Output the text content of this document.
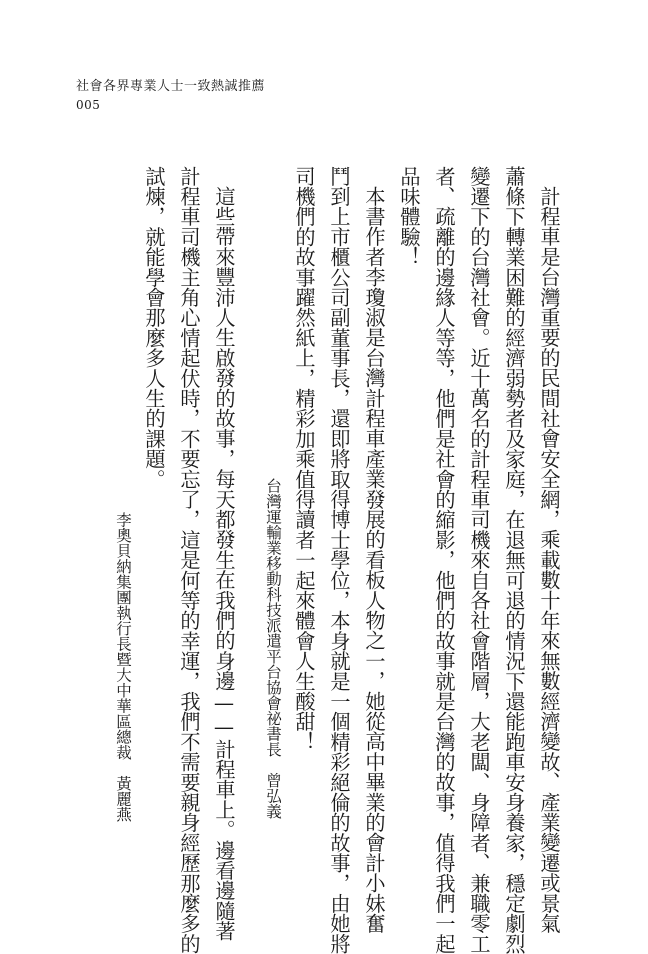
社會各界專業人士一致熱誠推薦
005
計程車是台灣重要的民間社會安全網，乘載數十年來無數經濟變故、產業變遷或景氣
蕭條下轉業困難的經濟弱勢者及家庭，在退無可退的情況下還能跑車安身養家，穩定劇烈
變遷下的台灣社會。近十萬名的計程車司機來自各社會階層，大老闆、身障者、兼職零工
者、疏離的邊緣人等等，他們是社會的縮影，他們的故事就是台灣的故事，值得我們一起
品味體驗！
本書作者李瓊淑是台灣計程車產業發展的看板人物之一，她從高中畢業的會計小妹奮
鬥到上市櫃公司副董事長，還即將取得博士學位，本身就是一個精彩絕倫的故事，由她將
司機們的故事躍然紙上，精彩加乘值得讀者一起來體會人生酸甜！
台灣運輸業移動科技派遣平台協會祕書長　曾弘義
這些帶來豐沛人生啟發的故事，每天都發生在我們的身邊——計程車上。邊看邊隨著
計程車司機主角心情起伏時，不要忘了，這是何等的幸運，我們不需要親身經歷那麼多的
試煉，就能學會那麼多人生的課題。
李奧貝納集團執行長暨大中華區總裁　黃麗燕
